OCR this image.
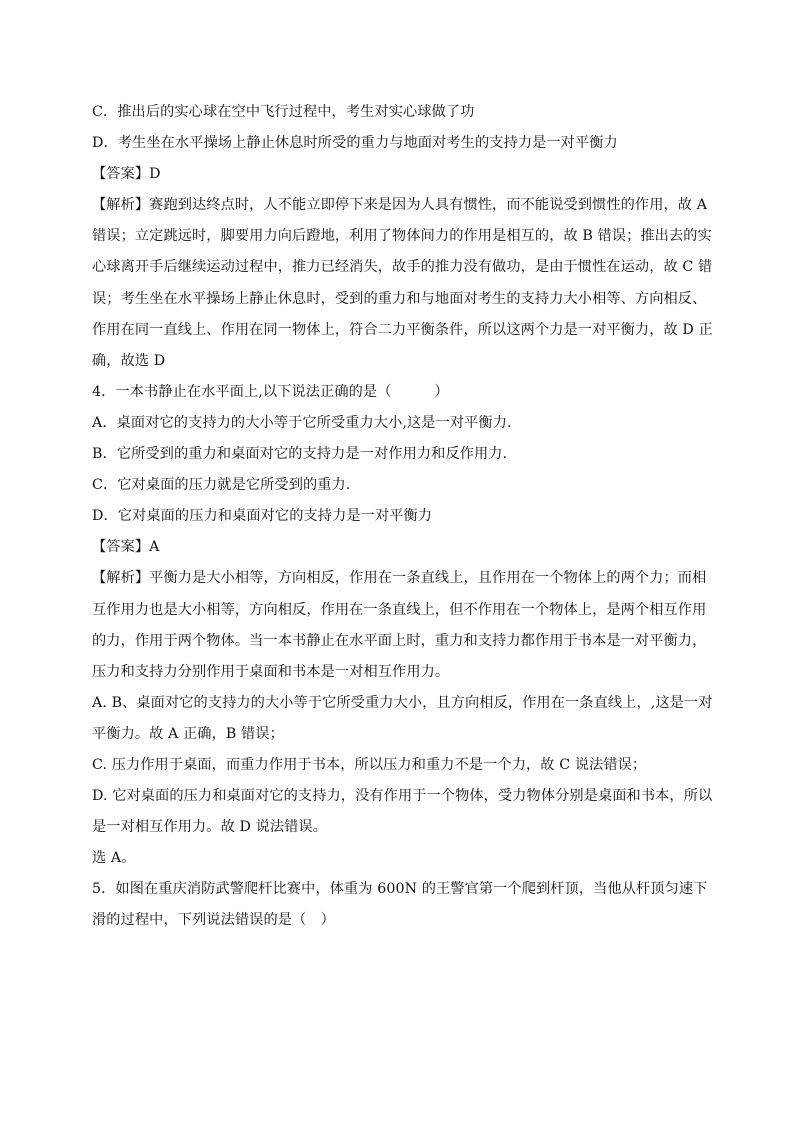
C．推出后的实心球在空中飞行过程中，考生对实心球做了功
D．考生坐在水平操场上静止休息时所受的重力与地面对考生的支持力是一对平衡力
【答案】D
【解析】赛跑到达终点时，人不能立即停下来是因为人具有惯性，而不能说受到惯性的作用，故 A
错误；立定跳远时，脚要用力向后蹬地，利用了物体间力的作用是相互的，故 B 错误；推出去的实
心球离开手后继续运动过程中，推力已经消失，故手的推力没有做功，是由于惯性在运动，故 C 错
误；考生坐在水平操场上静止休息时，受到的重力和与地面对考生的支持力大小相等、方向相反、
作用在同一直线上、作用在同一物体上，符合二力平衡条件，所以这两个力是一对平衡力，故 D 正
确，故选 D
4．一本书静止在水平面上,以下说法正确的是（　　　）
A．桌面对它的支持力的大小等于它所受重力大小,这是一对平衡力.
B．它所受到的重力和桌面对它的支持力是一对作用力和反作用力.
C．它对桌面的压力就是它所受到的重力.
D．它对桌面的压力和桌面对它的支持力是一对平衡力
【答案】A
【解析】平衡力是大小相等，方向相反，作用在一条直线上，且作用在一个物体上的两个力；而相
互作用力也是大小相等，方向相反，作用在一条直线上，但不作用在一个物体上，是两个相互作用
的力，作用于两个物体。当一本书静止在水平面上时，重力和支持力都作用于书本是一对平衡力，
压力和支持力分别作用于桌面和书本是一对相互作用力。
A. B、桌面对它的支持力的大小等于它所受重力大小，且方向相反，作用在一条直线上，,这是一对
平衡力。故 A 正确，B 错误；
C. 压力作用于桌面，而重力作用于书本，所以压力和重力不是一个力，故 C 说法错误；
D. 它对桌面的压力和桌面对它的支持力，没有作用于一个物体，受力物体分别是桌面和书本，所以
是一对相互作用力。故 D 说法错误。
选 A。
5．如图在重庆消防武警爬杆比赛中，体重为 600N 的王警官第一个爬到杆顶，当他从杆顶匀速下
滑的过程中，下列说法错误的是（　）
